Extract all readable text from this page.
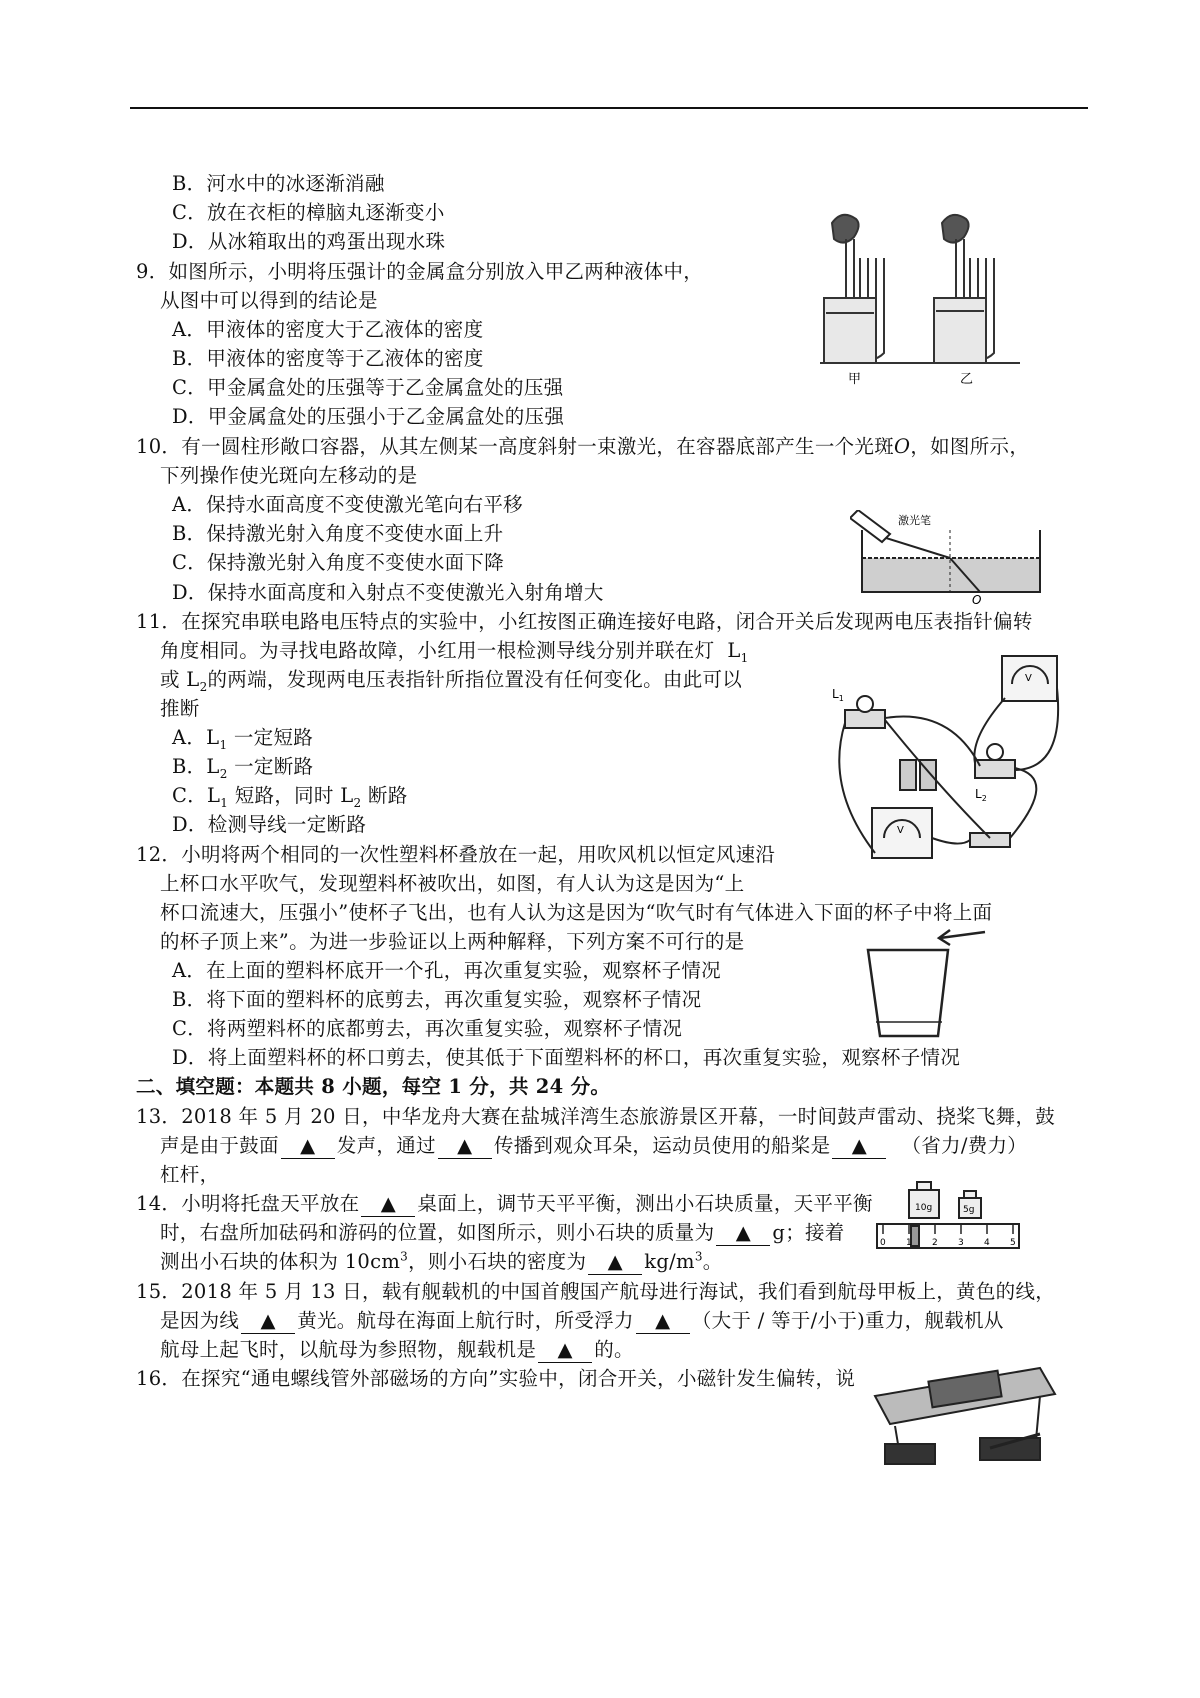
B．河水中的冰逐渐消融
C．放在衣柜的樟脑丸逐渐变小
D．从冰箱取出的鸡蛋出现水珠
9．如图所示，小明将压强计的金属盒分别放入甲乙两种液体中，
从图中可以得到的结论是
A．甲液体的密度大于乙液体的密度
B．甲液体的密度等于乙液体的密度
C．甲金属盒处的压强等于乙金属盒处的压强
D．甲金属盒处的压强小于乙金属盒处的压强
10．有一圆柱形敞口容器，从其左侧某一高度斜射一束激光，在容器底部产生一个光斑O，如图所示，
下列操作使光斑向左移动的是
A．保持水面高度不变使激光笔向右平移
B．保持激光射入角度不变使水面上升
C．保持激光射入角度不变使水面下降
D．保持水面高度和入射点不变使激光入射角增大
11．在探究串联电路电压特点的实验中，小红按图正确连接好电路，闭合开关后发现两电压表指针偏转
角度相同。为寻找电路故障，小红用一根检测导线分别并联在灯 $L_1$
或 $L_2$的两端，发现两电压表指针所指位置没有任何变化。由此可以
推断
A．$L_1$ 一定短路
B．$L_2$ 一定断路
C．$L_1$ 短路，同时 $L_2$ 断路
D．检测导线一定断路
12．小明将两个相同的一次性塑料杯叠放在一起，用吹风机以恒定风速沿
上杯口水平吹气，发现塑料杯被吹出，如图，有人认为这是因为“上
杯口流速大，压强小”使杯子飞出，也有人认为这是因为“吹气时有气体进入下面的杯子中将上面
的杯子顶上来”。为进一步验证以上两种解释，下列方案不可行的是
A．在上面的塑料杯底开一个孔，再次重复实验，观察杯子情况
B．将下面的塑料杯的底剪去，再次重复实验，观察杯子情况
C．将两塑料杯的底都剪去，再次重复实验，观察杯子情况
D．将上面塑料杯的杯口剪去，使其低于下面塑料杯的杯口，再次重复实验，观察杯子情况
二、填空题：本题共 8 小题，每空 1 分，共 24 分。
13．2018 年 5 月 20 日，中华龙舟大赛在盐城洋湾生态旅游景区开幕，一时间鼓声雷动、挠桨飞舞，鼓
声是由于鼓面 ▲ 发声，通过 ▲ 传播到观众耳朵，运动员使用的船桨是 ▲ （省力/费力）
杠杆，
14．小明将托盘天平放在 ▲ 桌面上，调节天平平衡，测出小石块质量，天平平衡
时，右盘所加砝码和游码的位置，如图所示，则小石块的质量为 ▲ g；接着
测出小石块的体积为 $10cm^3$，则小石块的密度为 ▲ $kg/m^3$。
15．2018 年 5 月 13 日，载有舰载机的中国首艘国产航母进行海试，我们看到航母甲板上，黄色的线，
是因为线 ▲ 黄光。航母在海面上航行时，所受浮力 ▲ （大于 / 等于/小于)重力，舰载机从
航母上起飞时，以航母为参照物，舰载机是 ▲ 的。
16．在探究“通电螺线管外部磁场的方向”实验中，闭合开关，小磁针发生偏转，说
甲	乙
激光笔
O
V
V
$L_1$
$L_2$
10g	5g
0 1 2 3 4 5
